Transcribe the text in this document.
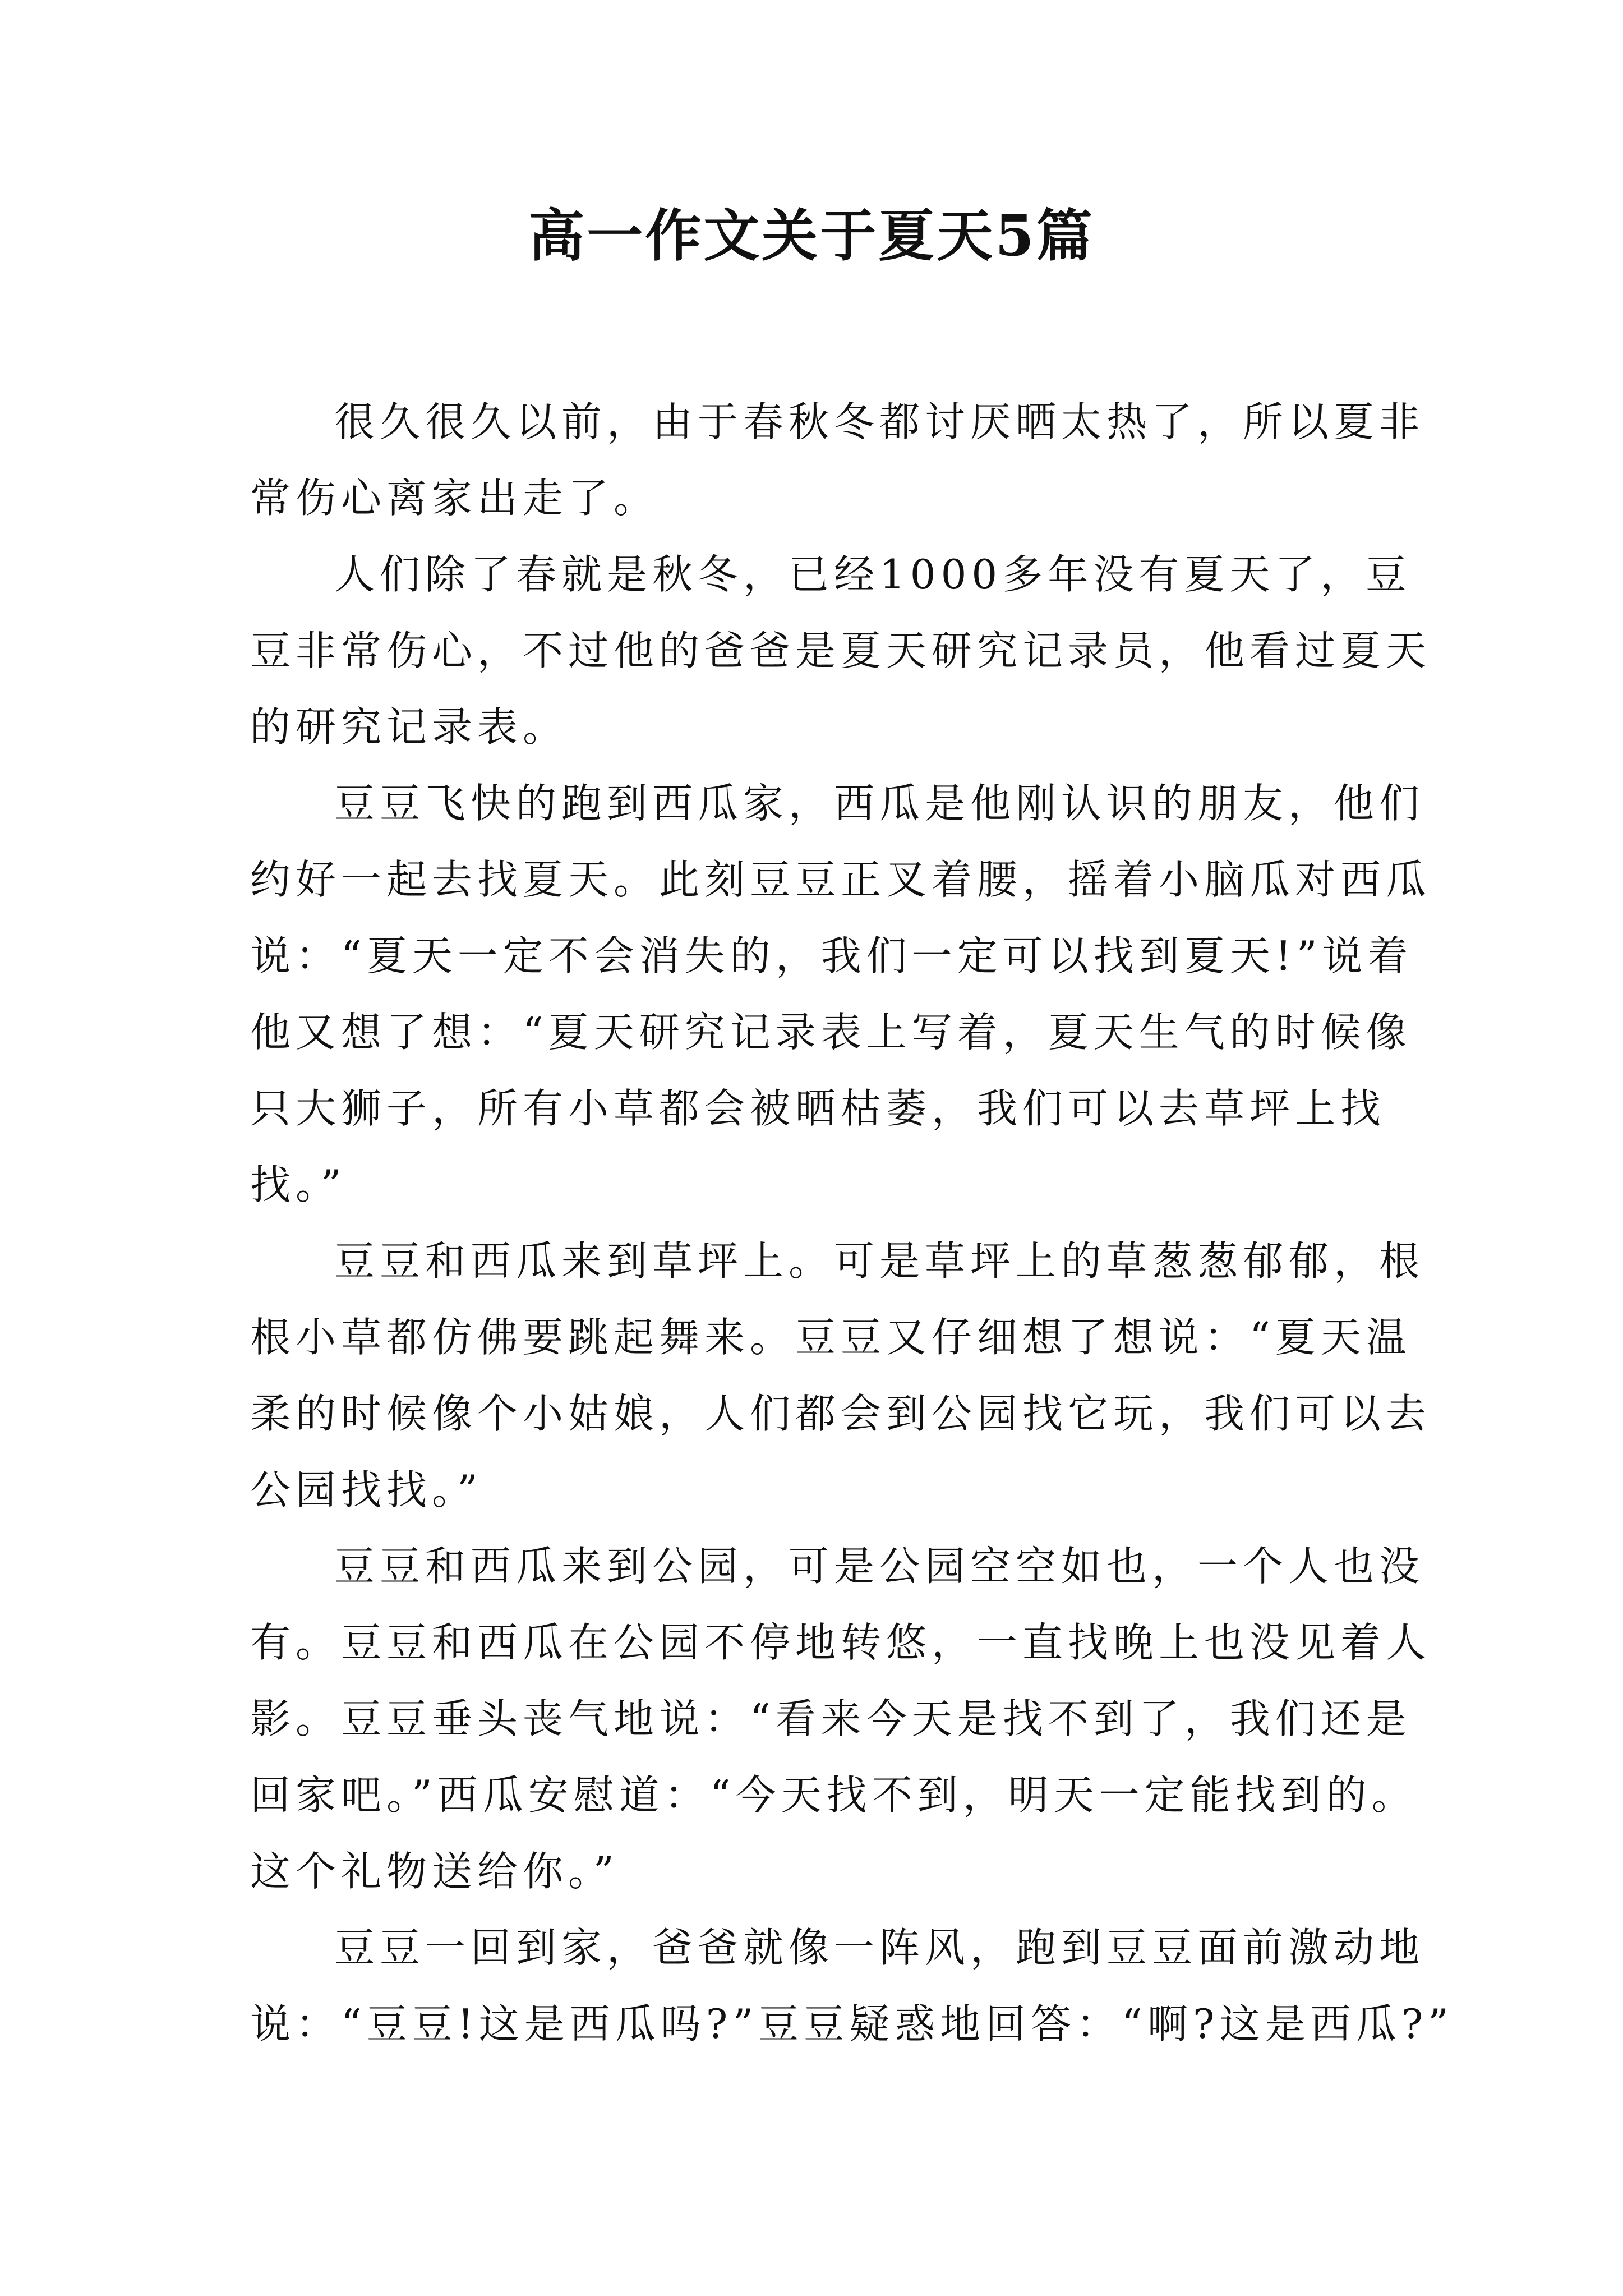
高一作文关于夏天5篇

很久很久以前，由于春秋冬都讨厌晒太热了，所以夏非
常伤心离家出走了。

人们除了春就是秋冬，已经1000多年没有夏天了，豆
豆非常伤心，不过他的爸爸是夏天研究记录员，他看过夏天
的研究记录表。

豆豆飞快的跑到西瓜家，西瓜是他刚认识的朋友，他们
约好一起去找夏天。此刻豆豆正叉着腰，摇着小脑瓜对西瓜
说：“夏天一定不会消失的，我们一定可以找到夏天!”说着
他又想了想：“夏天研究记录表上写着，夏天生气的时候像
只大狮子，所有小草都会被晒枯萎，我们可以去草坪上找
找。”

豆豆和西瓜来到草坪上。可是草坪上的草葱葱郁郁，根
根小草都仿佛要跳起舞来。豆豆又仔细想了想说：“夏天温
柔的时候像个小姑娘，人们都会到公园找它玩，我们可以去
公园找找。”

豆豆和西瓜来到公园，可是公园空空如也，一个人也没
有。豆豆和西瓜在公园不停地转悠，一直找晚上也没见着人
影。豆豆垂头丧气地说：“看来今天是找不到了，我们还是
回家吧。”西瓜安慰道：“今天找不到，明天一定能找到的。
这个礼物送给你。”

豆豆一回到家，爸爸就像一阵风，跑到豆豆面前激动地
说：“豆豆!这是西瓜吗?”豆豆疑惑地回答：“啊?这是西瓜?”
